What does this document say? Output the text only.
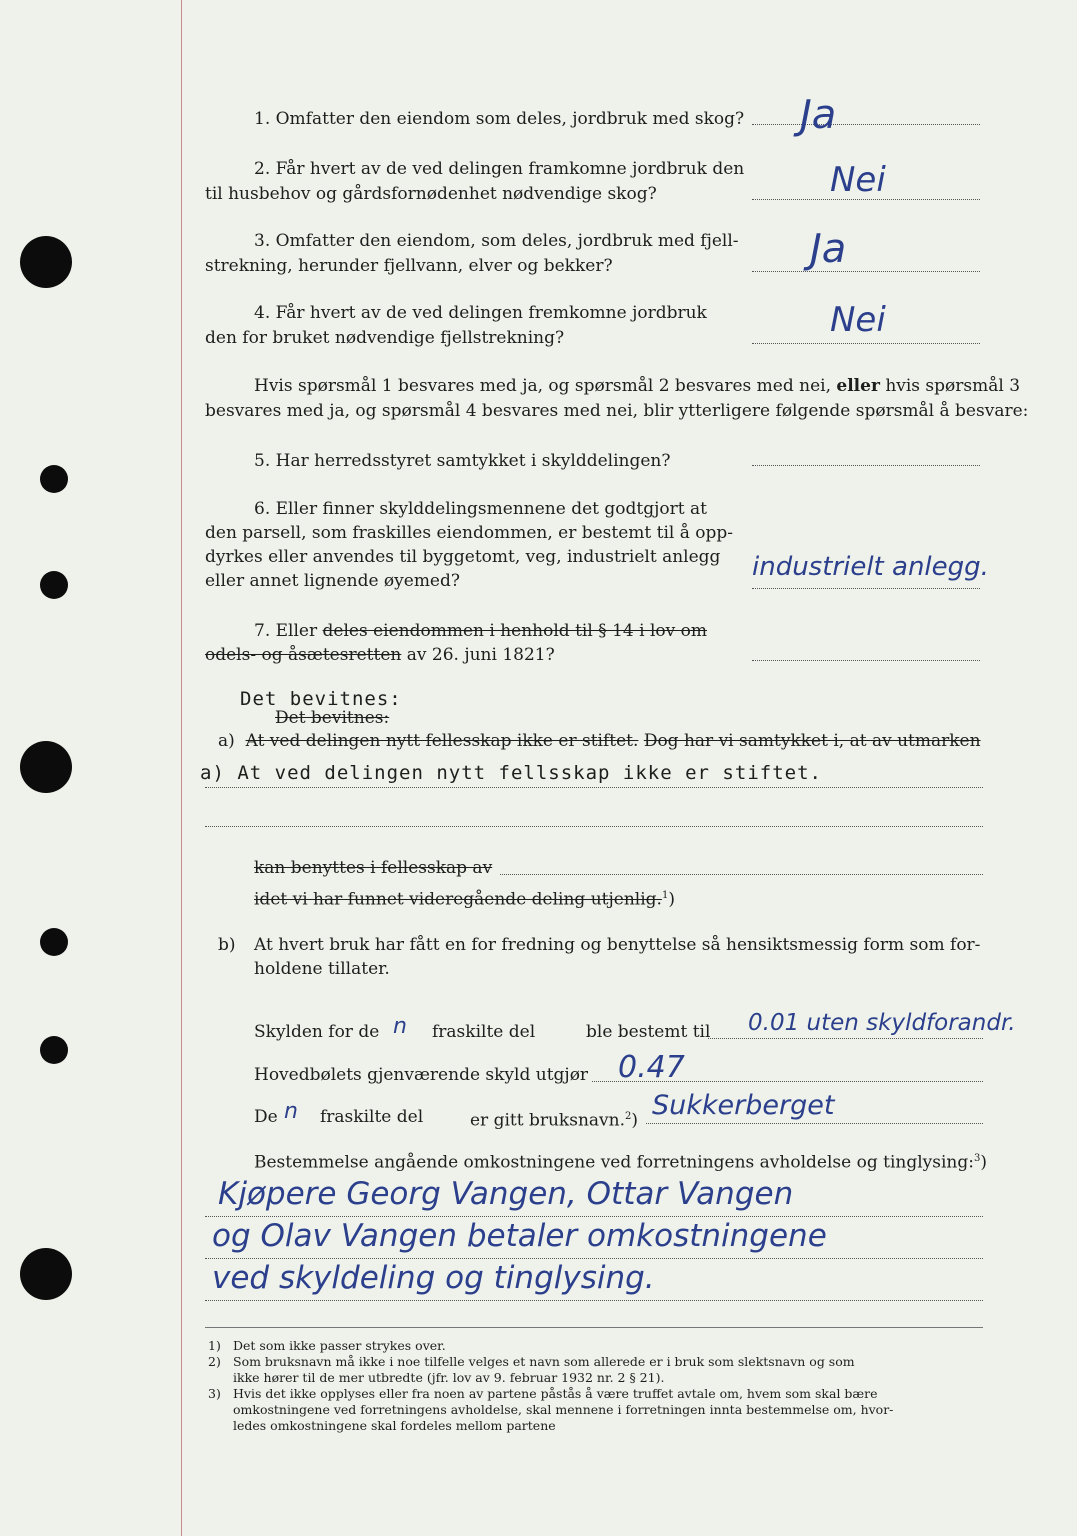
1. Omfatter den eiendom som deles, jordbruk med skog? Ja
2. Får hvert av de ved delingen framkomne jordbruk den
til husbehov og gårdsfornødenhet nødvendige skog?	Nei
3. Omfatter den eiendom, som deles, jordbruk med fjell-
strekning, herunder fjellvann, elver og bekker?	Ja
4. Får hvert av de ved delingen fremkomne jordbruk
den for bruket nødvendige fjellstrekning?	Nei
Hvis spørsmål 1 besvares med ja, og spørsmål 2 besvares med nei, eller hvis spørsmål 3
besvares med ja, og spørsmål 4 besvares med nei, blir ytterligere følgende spørsmål å besvare:
5. Har herredsstyret samtykket i skylddelingen?
6. Eller finner skylddelingsmennene det godtgjort at
den parsell, som fraskilles eiendommen, er bestemt til å opp-
dyrkes eller anvendes til byggetomt, veg, industrielt anlegg
eller annet lignende øyemed?	industrielt anlegg.
7. Eller deles eiendommen i henhold til § 14 i lov om
odels- og åsætesretten av 26. juni 1821?
Det bevitnes:
Det bevitnes:
a) At ved delingen nytt fellesskap ikke er stiftet. Dog har vi samtykket i, at av utmarken
a) At ved delingen nytt fellsskap ikke er stiftet.
kan benyttes i fellesskap av
idet vi har funnet videregående deling utjenlig.$^1$)
b) At hvert bruk har fått en for fredning og benyttelse så hensiktsmessig form som for-
holdene tillater.
Skylden for de n fraskilte del	ble bestemt til 0.01 uten skyldforandr.
Hovedbølets gjenværende skyld utgjør 0.47
De n fraskilte del	er gitt bruksnavn.$^2$) Sukkerberget
Bestemmelse angående omkostningene ved forretningens avholdelse og tinglysing:$^3$)
Kjøpere Georg Vangen, Ottar Vangen
og Olav Vangen betaler omkostningene
ved skyldeling og tinglysing.
1) Det som ikke passer strykes over.
2) Som bruksnavn må ikke i noe tilfelle velges et navn som allerede er i bruk som slektsnavn og som
ikke hører til de mer utbredte (jfr. lov av 9. februar 1932 nr. 2 § 21).
3) Hvis det ikke opplyses eller fra noen av partene påstås å være truffet avtale om, hvem som skal bære
omkostningene ved forretningens avholdelse, skal mennene i forretningen innta bestemmelse om, hvor-
ledes omkostningene skal fordeles mellom partene
